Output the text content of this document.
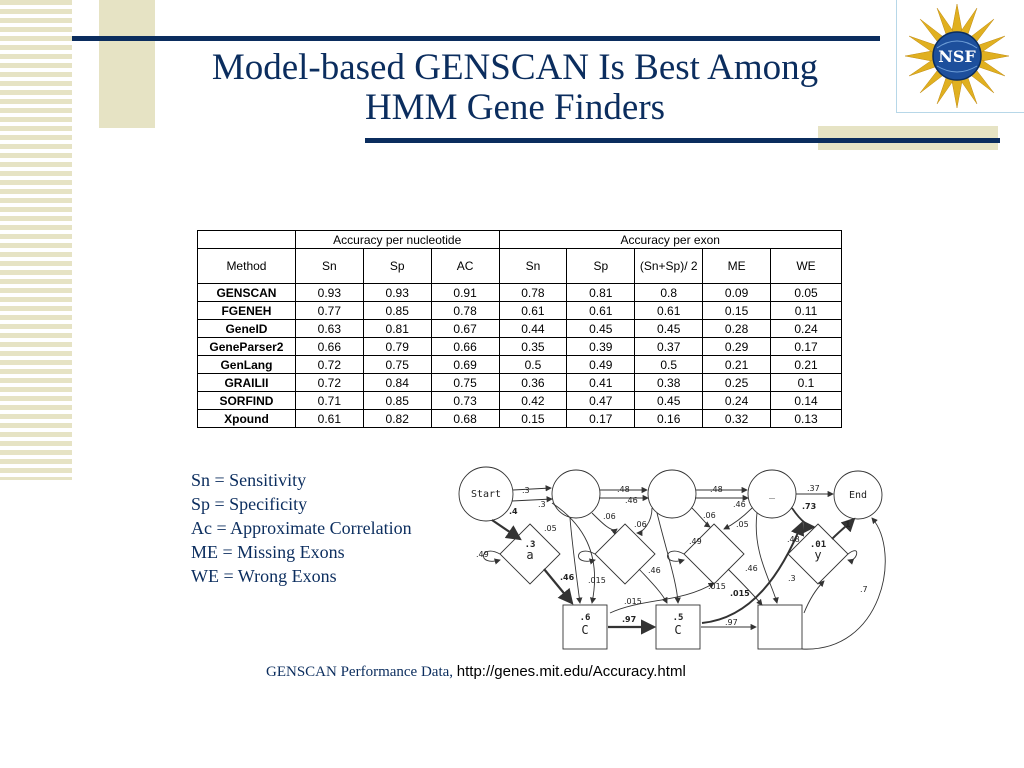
NSF
Model-based GENSCAN Is Best Among
HMM Gene Finders
	Accuracy per nucleotide			Accuracy per exon				
Method	Sn	Sp	AC	Sn	Sp	(Sn+Sp)/ 2	ME	WE
GENSCAN	0.93	0.93	0.91	0.78	0.81	0.8	0.09	0.05
FGENEH	0.77	0.85	0.78	0.61	0.61	0.61	0.15	0.11
GeneID	0.63	0.81	0.67	0.44	0.45	0.45	0.28	0.24
GeneParser2	0.66	0.79	0.66	0.35	0.39	0.37	0.29	0.17
GenLang	0.72	0.75	0.69	0.5	0.49	0.5	0.21	0.21
GRAILII	0.72	0.84	0.75	0.36	0.41	0.38	0.25	0.1
SORFIND	0.71	0.85	0.73	0.42	0.47	0.45	0.24	0.14
Xpound	0.61	0.82	0.68	0.15	0.17	0.16	0.32	0.13
Sn = Sensitivity
Sp = Specificity
Ac = Approximate Correlation
ME = Missing Exons
WE = Wrong Exons
Start	End
_
.3
a
.6
C
.5
C
.01
y
.3
.3
.4
.05
.49
.46
.48
.46
.06
.06
.015
.46
.015
.97
.48
.46
.06
.05
.49
.015
.015
.46
.97
.37
.73
.48
1
.3
.7
GENSCAN Performance Data, http://genes.mit.edu/Accuracy.html
